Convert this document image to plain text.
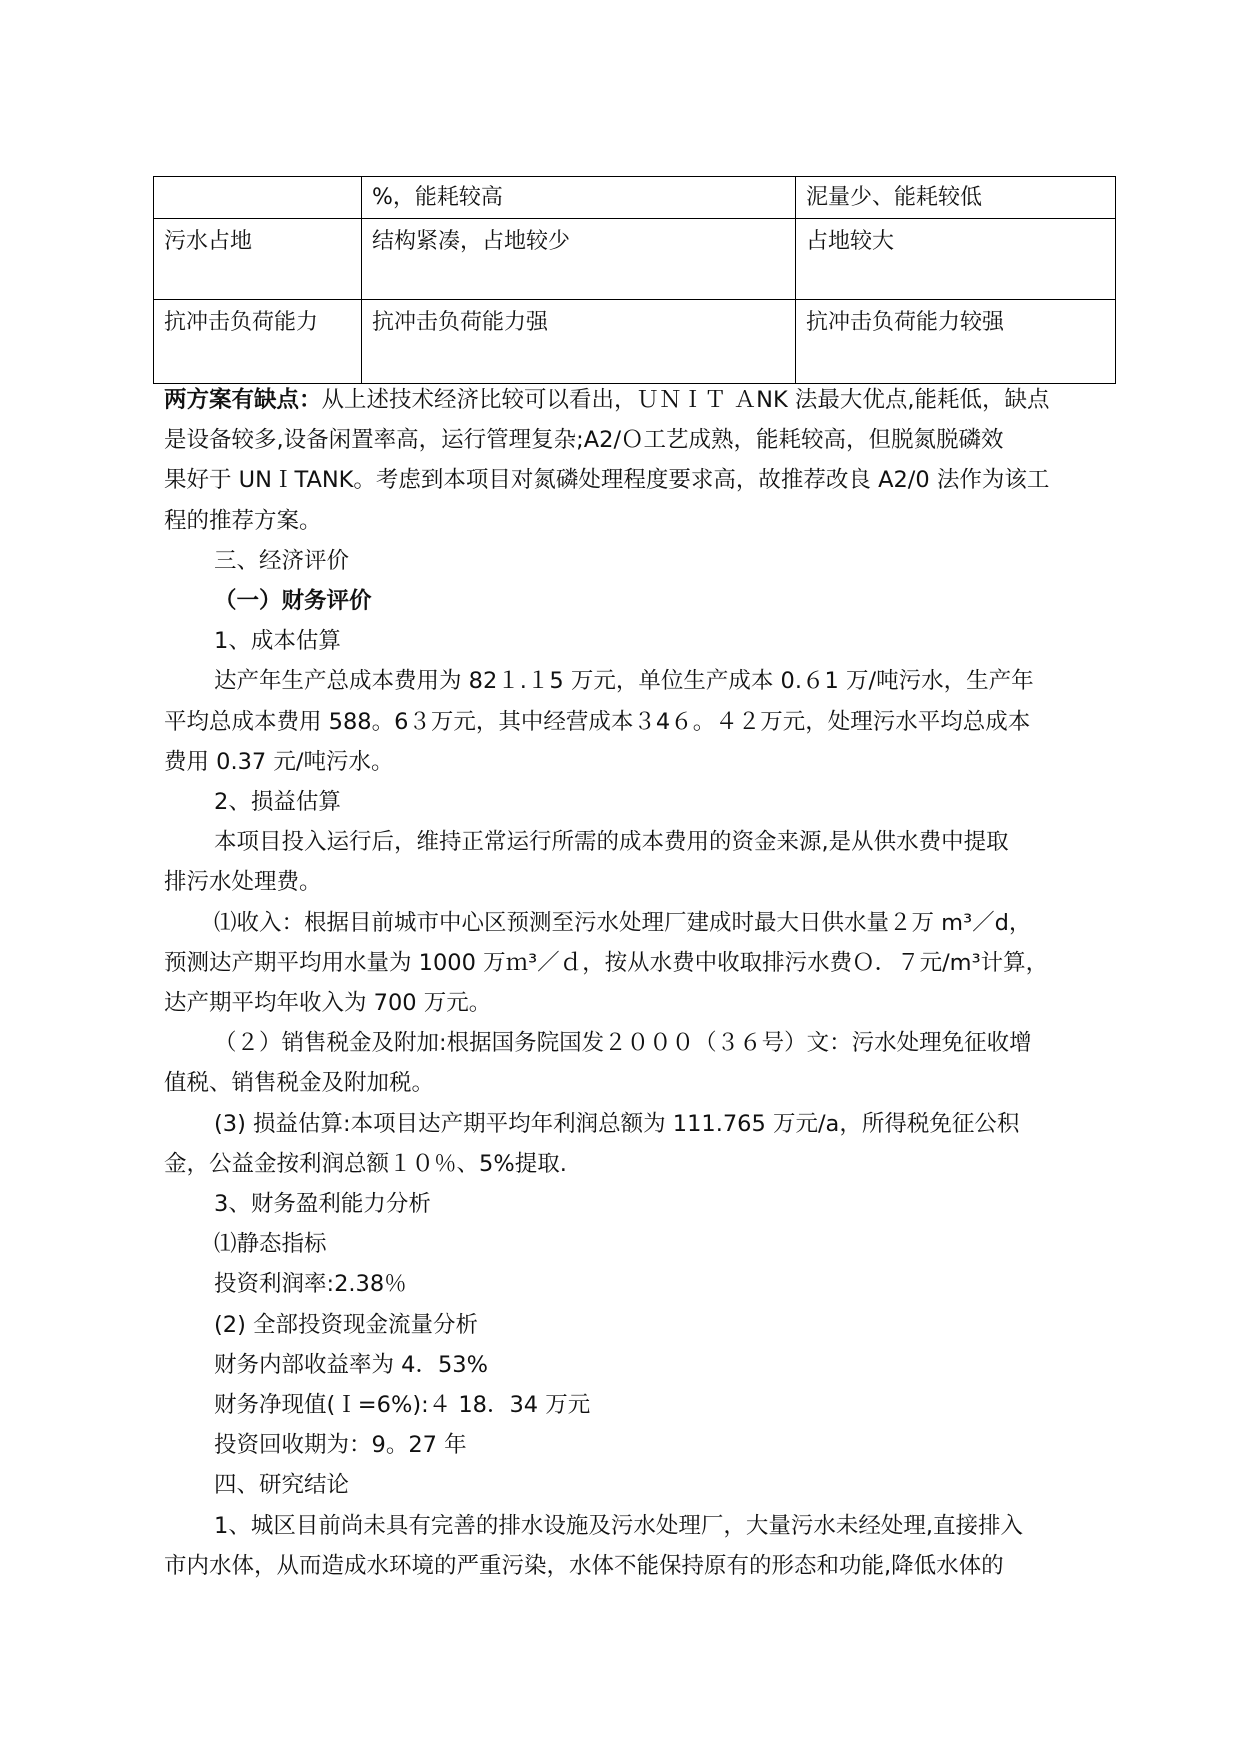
	%，能耗较高	泥量少、能耗较低
污水占地	结构紧凑，占地较少	占地较大
抗冲击负荷能力	抗冲击负荷能力强	抗冲击负荷能力较强

两方案有缺点：从上述技术经济比较可以看出，ＵＮＩＴ ＡNK 法最大优点,能耗低，缺点

是设备较多,设备闲置率高，运行管理复杂;A2/Ｏ工艺成熟，能耗较高，但脱氮脱磷效

果好于 UNＩTANK。考虑到本项目对氮磷处理程度要求高，故推荐改良 A2/0 法作为该工

程的推荐方案。

三、经济评价

（一）财务评价

1、成本估算

达产年生产总成本费用为 82１.１5 万元，单位生产成本 0.６1 万/吨污水，生产年

平均总成本费用 588。6３万元，其中经营成本３4６。４２万元，处理污水平均总成本

费用 0.37 元/吨污水。

2、损益估算

本项目投入运行后，维持正常运行所需的成本费用的资金来源,是从供水费中提取

排污水处理费。

⑴收入：根据目前城市中心区预测至污水处理厂建成时最大日供水量２万 m³／d，

预测达产期平均用水量为 1000 万ｍ³／ｄ，按从水费中收取排污水费Ｏ．７元/m³计算，

达产期平均年收入为 700 万元。

（２）销售税金及附加:根据国务院国发２０００（３６号）文：污水处理免征收增

值税、销售税金及附加税。

(3) 损益估算:本项目达产期平均年利润总额为 111.765 万元/a，所得税免征公积

金，公益金按利润总额１０％、5%提取.

3、财务盈利能力分析

⑴静态指标

投资利润率:2.38％

(2) 全部投资现金流量分析

财务内部收益率为 4．53%

财务净现值(Ｉ=6%):４ 18．34 万元

投资回收期为：9。27 年

四、研究结论

1、城区目前尚未具有完善的排水设施及污水处理厂，大量污水未经处理,直接排入

市内水体，从而造成水环境的严重污染，水体不能保持原有的形态和功能,降低水体的
